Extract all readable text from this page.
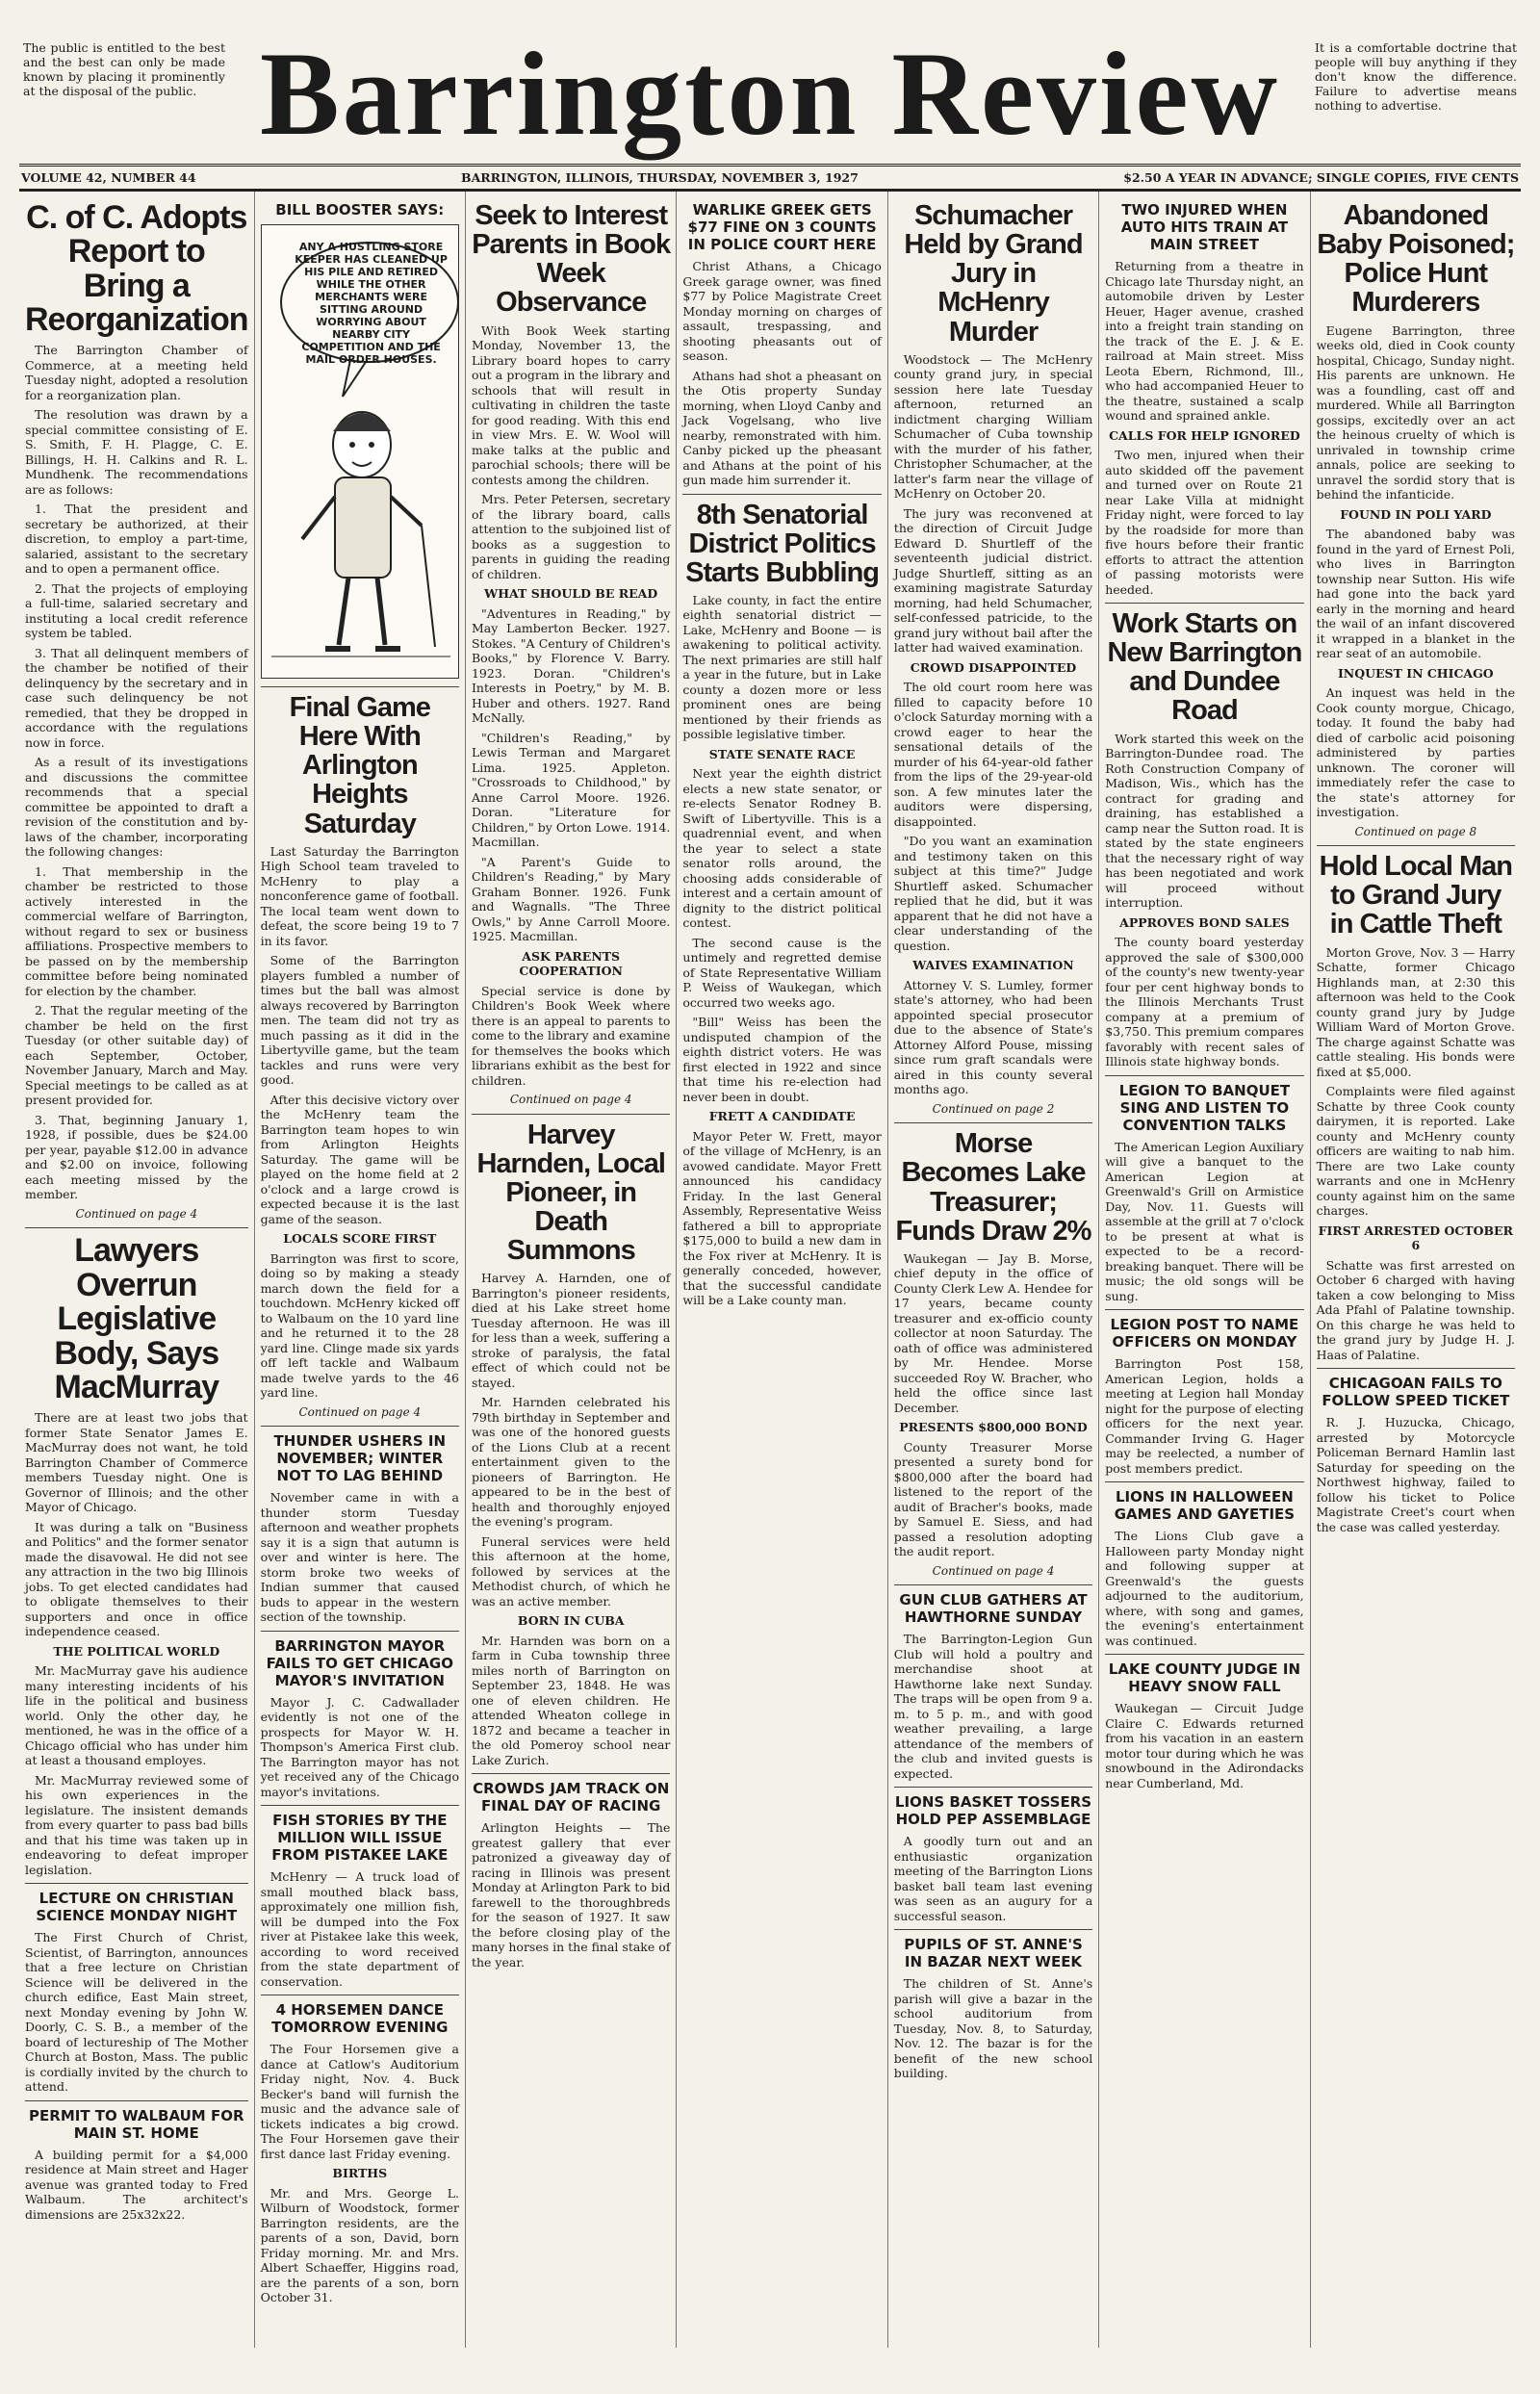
The public is entitled to the best and the best can only be made known by placing it prominently at the disposal of the public. Barrington Review	It is a comfortable doctrine that people will buy anything if they don't know the difference. Failure to advertise means nothing to advertise.
VOLUME 42, NUMBER 44	BARRINGTON, ILLINOIS, THURSDAY, NOVEMBER 3, 1927	$2.50 A YEAR IN ADVANCE; SINGLE COPIES, FIVE CENTS
C. of C. Adopts Report to Bring a Reorganization

The Barrington Chamber of Commerce, at a meeting held Tuesday night, adopted a resolution for a reorganization plan.

The resolution was drawn by a special committee consisting of E. S. Smith, F. H. Plagge, C. E. Billings, H. H. Calkins and R. L. Mundhenk. The recommendations are as follows:

1. That the president and secretary be authorized, at their discretion, to employ a part-time, salaried, assistant to the secretary and to open a permanent office.

2. That the projects of employing a full-time, salaried secretary and instituting a local credit reference system be tabled.

3. That all delinquent members of the chamber be notified of their delinquency by the secretary and in case such delinquency be not remedied, that they be dropped in accordance with the regulations now in force.

As a result of its investigations and discussions the committee recommends that a special committee be appointed to draft a revision of the constitution and by-laws of the chamber, incorporating the following changes:

1. That membership in the chamber be restricted to those actively interested in the commercial welfare of Barrington, without regard to sex or business affiliations. Prospective members to be passed on by the membership committee before being nominated for election by the chamber.

2. That the regular meeting of the chamber be held on the first Tuesday (or other suitable day) of each September, October, November January, March and May. Special meetings to be called as at present provided for.

3. That, beginning January 1, 1928, if possible, dues be $24.00 per year, payable $12.00 in advance and $2.00 on invoice, following each meeting missed by the member.

Continued on page 4
Lawyers Overrun Legislative Body, Says MacMurray

There are at least two jobs that former State Senator James E. MacMurray does not want, he told Barrington Chamber of Commerce members Tuesday night. One is Governor of Illinois; and the other Mayor of Chicago.

It was during a talk on "Business and Politics" and the former senator made the disavowal. He did not see any attraction in the two big Illinois jobs. To get elected candidates had to obligate themselves to their supporters and once in office independence ceased.

THE POLITICAL WORLD

Mr. MacMurray gave his audience many interesting incidents of his life in the political and business world. Only the other day, he mentioned, he was in the office of a Chicago official who has under him at least a thousand employes.

Mr. MacMurray reviewed some of his own experiences in the legislature. The insistent demands from every quarter to pass bad bills and that his time was taken up in endeavoring to defeat improper legislation.

LECTURE ON CHRISTIAN SCIENCE MONDAY NIGHT

The First Church of Christ, Scientist, of Barrington, announces that a free lecture on Christian Science will be delivered in the church edifice, East Main street, next Monday evening by John W. Doorly, C. S. B., a member of the board of lectureship of The Mother Church at Boston, Mass. The public is cordially invited by the church to attend.

PERMIT TO WALBAUM FOR MAIN ST. HOME

A building permit for a $4,000 residence at Main street and Hager avenue was granted today to Fred Walbaum. The architect's dimensions are 25x32x22.

BILL BOOSTER SAYS:
ANY A HUSTLING STORE KEEPER HAS CLEANED UP HIS PILE AND RETIRED WHILE THE OTHER MERCHANTS WERE SITTING AROUND WORRYING ABOUT NEARBY CITY COMPETITION AND THE MAIL ORDER HOUSES.
Final Game Here With Arlington Heights Saturday

Last Saturday the Barrington High School team traveled to McHenry to play a nonconference game of football. The local team went down to defeat, the score being 19 to 7 in its favor.

Some of the Barrington players fumbled a number of times but the ball was almost always recovered by Barrington men. The team did not try as much passing as it did in the Libertyville game, but the team tackles and runs were very good.

After this decisive victory over the McHenry team the Barrington team hopes to win from Arlington Heights Saturday. The game will be played on the home field at 2 o'clock and a large crowd is expected because it is the last game of the season.

LOCALS SCORE FIRST

Barrington was first to score, doing so by making a steady march down the field for a touchdown. McHenry kicked off to Walbaum on the 10 yard line and he returned it to the 28 yard line. Clinge made six yards off left tackle and Walbaum made twelve yards to the 46 yard line.

Continued on page 4
THUNDER USHERS IN NOVEMBER; WINTER NOT TO LAG BEHIND

November came in with a thunder storm Tuesday afternoon and weather prophets say it is a sign that autumn is over and winter is here. The storm broke two weeks of Indian summer that caused buds to appear in the western section of the township.

BARRINGTON MAYOR FAILS TO GET CHICAGO MAYOR'S INVITATION

Mayor J. C. Cadwallader evidently is not one of the prospects for Mayor W. H. Thompson's America First club. The Barrington mayor has not yet received any of the Chicago mayor's invitations.

FISH STORIES BY THE MILLION WILL ISSUE FROM PISTAKEE LAKE

McHenry — A truck load of small mouthed black bass, approximately one million fish, will be dumped into the Fox river at Pistakee lake this week, according to word received from the state department of conservation.

4 HORSEMEN DANCE TOMORROW EVENING

The Four Horsemen give a dance at Catlow's Auditorium Friday night, Nov. 4. Buck Becker's band will furnish the music and the advance sale of tickets indicates a big crowd. The Four Horsemen gave their first dance last Friday evening.

BIRTHS

Mr. and Mrs. George L. Wilburn of Woodstock, former Barrington residents, are the parents of a son, David, born Friday morning. Mr. and Mrs. Albert Schaeffer, Higgins road, are the parents of a son, born October 31.

Seek to Interest Parents in Book Week Observance

With Book Week starting Monday, November 13, the Library board hopes to carry out a program in the library and schools that will result in cultivating in children the taste for good reading. With this end in view Mrs. E. W. Wool will make talks at the public and parochial schools; there will be contests among the children.

Mrs. Peter Petersen, secretary of the library board, calls attention to the subjoined list of books as a suggestion to parents in guiding the reading of children.

WHAT SHOULD BE READ

"Adventures in Reading," by May Lamberton Becker. 1927. Stokes. "A Century of Children's Books," by Florence V. Barry. 1923. Doran. "Children's Interests in Poetry," by M. B. Huber and others. 1927. Rand McNally.

"Children's Reading," by Lewis Terman and Margaret Lima. 1925. Appleton. "Crossroads to Childhood," by Anne Carrol Moore. 1926. Doran. "Literature for Children," by Orton Lowe. 1914. Macmillan.

"A Parent's Guide to Children's Reading," by Mary Graham Bonner. 1926. Funk and Wagnalls. "The Three Owls," by Anne Carroll Moore. 1925. Macmillan.

ASK PARENTS COOPERATION

Special service is done by Children's Book Week where there is an appeal to parents to come to the library and examine for themselves the books which librarians exhibit as the best for children.

Continued on page 4
Harvey Harnden, Local Pioneer, in Death Summons

Harvey A. Harnden, one of Barrington's pioneer residents, died at his Lake street home Tuesday afternoon. He was ill for less than a week, suffering a stroke of paralysis, the fatal effect of which could not be stayed.

Mr. Harnden celebrated his 79th birthday in September and was one of the honored guests of the Lions Club at a recent entertainment given to the pioneers of Barrington. He appeared to be in the best of health and thoroughly enjoyed the evening's program.

Funeral services were held this afternoon at the home, followed by services at the Methodist church, of which he was an active member.

BORN IN CUBA

Mr. Harnden was born on a farm in Cuba township three miles north of Barrington on September 23, 1848. He was one of eleven children. He attended Wheaton college in 1872 and became a teacher in the old Pomeroy school near Lake Zurich.

CROWDS JAM TRACK ON FINAL DAY OF RACING

Arlington Heights — The greatest gallery that ever patronized a giveaway day of racing in Illinois was present Monday at Arlington Park to bid farewell to the thoroughbreds for the season of 1927. It saw the before closing play of the many horses in the final stake of the year.

WARLIKE GREEK GETS $77 FINE ON 3 COUNTS IN POLICE COURT HERE

Christ Athans, a Chicago Greek garage owner, was fined $77 by Police Magistrate Creet Monday morning on charges of assault, trespassing, and shooting pheasants out of season.

Athans had shot a pheasant on the Otis property Sunday morning, when Lloyd Canby and Jack Vogelsang, who live nearby, remonstrated with him. Canby picked up the pheasant and Athans at the point of his gun made him surrender it.

8th Senatorial District Politics Starts Bubbling

Lake county, in fact the entire eighth senatorial district — Lake, McHenry and Boone — is awakening to political activity. The next primaries are still half a year in the future, but in Lake county a dozen more or less prominent ones are being mentioned by their friends as possible legislative timber.

STATE SENATE RACE

Next year the eighth district elects a new state senator, or re-elects Senator Rodney B. Swift of Libertyville. This is a quadrennial event, and when the year to select a state senator rolls around, the choosing adds considerable of interest and a certain amount of dignity to the district political contest.

The second cause is the untimely and regretted demise of State Representative William P. Weiss of Waukegan, which occurred two weeks ago.

"Bill" Weiss has been the undisputed champion of the eighth district voters. He was first elected in 1922 and since that time his re-election had never been in doubt.

FRETT A CANDIDATE

Mayor Peter W. Frett, mayor of the village of McHenry, is an avowed candidate. Mayor Frett announced his candidacy Friday. In the last General Assembly, Representative Weiss fathered a bill to appropriate $175,000 to build a new dam in the Fox river at McHenry. It is generally conceded, however, that the successful candidate will be a Lake county man.

Schumacher Held by Grand Jury in McHenry Murder

Woodstock — The McHenry county grand jury, in special session here late Tuesday afternoon, returned an indictment charging William Schumacher of Cuba township with the murder of his father, Christopher Schumacher, at the latter's farm near the village of McHenry on October 20.

The jury was reconvened at the direction of Circuit Judge Edward D. Shurtleff of the seventeenth judicial district. Judge Shurtleff, sitting as an examining magistrate Saturday morning, had held Schumacher, self-confessed patricide, to the grand jury without bail after the latter had waived examination.

CROWD DISAPPOINTED

The old court room here was filled to capacity before 10 o'clock Saturday morning with a crowd eager to hear the sensational details of the murder of his 64-year-old father from the lips of the 29-year-old son. A few minutes later the auditors were dispersing, disappointed.

"Do you want an examination and testimony taken on this subject at this time?" Judge Shurtleff asked. Schumacher replied that he did, but it was apparent that he did not have a clear understanding of the question.

WAIVES EXAMINATION

Attorney V. S. Lumley, former state's attorney, who had been appointed special prosecutor due to the absence of State's Attorney Alford Pouse, missing since rum graft scandals were aired in this county several months ago.

Continued on page 2
Morse Becomes Lake Treasurer; Funds Draw 2%

Waukegan — Jay B. Morse, chief deputy in the office of County Clerk Lew A. Hendee for 17 years, became county treasurer and ex-officio county collector at noon Saturday. The oath of office was administered by Mr. Hendee. Morse succeeded Roy W. Bracher, who held the office since last December.

PRESENTS $800,000 BOND

County Treasurer Morse presented a surety bond for $800,000 after the board had listened to the report of the audit of Bracher's books, made by Samuel E. Siess, and had passed a resolution adopting the audit report.

Continued on page 4
GUN CLUB GATHERS AT HAWTHORNE SUNDAY

The Barrington-Legion Gun Club will hold a poultry and merchandise shoot at Hawthorne lake next Sunday. The traps will be open from 9 a. m. to 5 p. m., and with good weather prevailing, a large attendance of the members of the club and invited guests is expected.

LIONS BASKET TOSSERS HOLD PEP ASSEMBLAGE

A goodly turn out and an enthusiastic organization meeting of the Barrington Lions basket ball team last evening was seen as an augury for a successful season.

PUPILS OF ST. ANNE'S IN BAZAR NEXT WEEK

The children of St. Anne's parish will give a bazar in the school auditorium from Tuesday, Nov. 8, to Saturday, Nov. 12. The bazar is for the benefit of the new school building.

TWO INJURED WHEN AUTO HITS TRAIN AT MAIN STREET

Returning from a theatre in Chicago late Thursday night, an automobile driven by Lester Heuer, Hager avenue, crashed into a freight train standing on the track of the E. J. & E. railroad at Main street. Miss Leota Ebern, Richmond, Ill., who had accompanied Heuer to the theatre, sustained a scalp wound and sprained ankle.

CALLS FOR HELP IGNORED

Two men, injured when their auto skidded off the pavement and turned over on Route 21 near Lake Villa at midnight Friday night, were forced to lay by the roadside for more than five hours before their frantic efforts to attract the attention of passing motorists were heeded.

Work Starts on New Barrington and Dundee Road

Work started this week on the Barrington-Dundee road. The Roth Construction Company of Madison, Wis., which has the contract for grading and draining, has established a camp near the Sutton road. It is stated by the state engineers that the necessary right of way has been negotiated and work will proceed without interruption.

APPROVES BOND SALES

The county board yesterday approved the sale of $300,000 of the county's new twenty-year four per cent highway bonds to the Illinois Merchants Trust company at a premium of $3,750. This premium compares favorably with recent sales of Illinois state highway bonds.

LEGION TO BANQUET SING AND LISTEN TO CONVENTION TALKS

The American Legion Auxiliary will give a banquet to the American Legion at Greenwald's Grill on Armistice Day, Nov. 11. Guests will assemble at the grill at 7 o'clock to be present at what is expected to be a record-breaking banquet. There will be music; the old songs will be sung.

LEGION POST TO NAME OFFICERS ON MONDAY

Barrington Post 158, American Legion, holds a meeting at Legion hall Monday night for the purpose of electing officers for the next year. Commander Irving G. Hager may be reelected, a number of post members predict.

LIONS IN HALLOWEEN GAMES AND GAYETIES

The Lions Club gave a Halloween party Monday night and following supper at Greenwald's the guests adjourned to the auditorium, where, with song and games, the evening's entertainment was continued.

LAKE COUNTY JUDGE IN HEAVY SNOW FALL

Waukegan — Circuit Judge Claire C. Edwards returned from his vacation in an eastern motor tour during which he was snowbound in the Adirondacks near Cumberland, Md.

Abandoned Baby Poisoned; Police Hunt Murderers

Eugene Barrington, three weeks old, died in Cook county hospital, Chicago, Sunday night. His parents are unknown. He was a foundling, cast off and murdered. While all Barrington gossips, excitedly over an act the heinous cruelty of which is unrivaled in township crime annals, police are seeking to unravel the sordid story that is behind the infanticide.

FOUND IN POLI YARD

The abandoned baby was found in the yard of Ernest Poli, who lives in Barrington township near Sutton. His wife had gone into the back yard early in the morning and heard the wail of an infant discovered it wrapped in a blanket in the rear seat of an automobile.

INQUEST IN CHICAGO

An inquest was held in the Cook county morgue, Chicago, today. It found the baby had died of carbolic acid poisoning administered by parties unknown. The coroner will immediately refer the case to the state's attorney for investigation.

Continued on page 8
Hold Local Man to Grand Jury in Cattle Theft

Morton Grove, Nov. 3 — Harry Schatte, former Chicago Highlands man, at 2:30 this afternoon was held to the Cook county grand jury by Judge William Ward of Morton Grove. The charge against Schatte was cattle stealing. His bonds were fixed at $5,000.

Complaints were filed against Schatte by three Cook county dairymen, it is reported. Lake county and McHenry county officers are waiting to nab him. There are two Lake county warrants and one in McHenry county against him on the same charges.

FIRST ARRESTED OCTOBER 6

Schatte was first arrested on October 6 charged with having taken a cow belonging to Miss Ada Pfahl of Palatine township. On this charge he was held to the grand jury by Judge H. J. Haas of Palatine.

CHICAGOAN FAILS TO FOLLOW SPEED TICKET

R. J. Huzucka, Chicago, arrested by Motorcycle Policeman Bernard Hamlin last Saturday for speeding on the Northwest highway, failed to follow his ticket to Police Magistrate Creet's court when the case was called yesterday.
